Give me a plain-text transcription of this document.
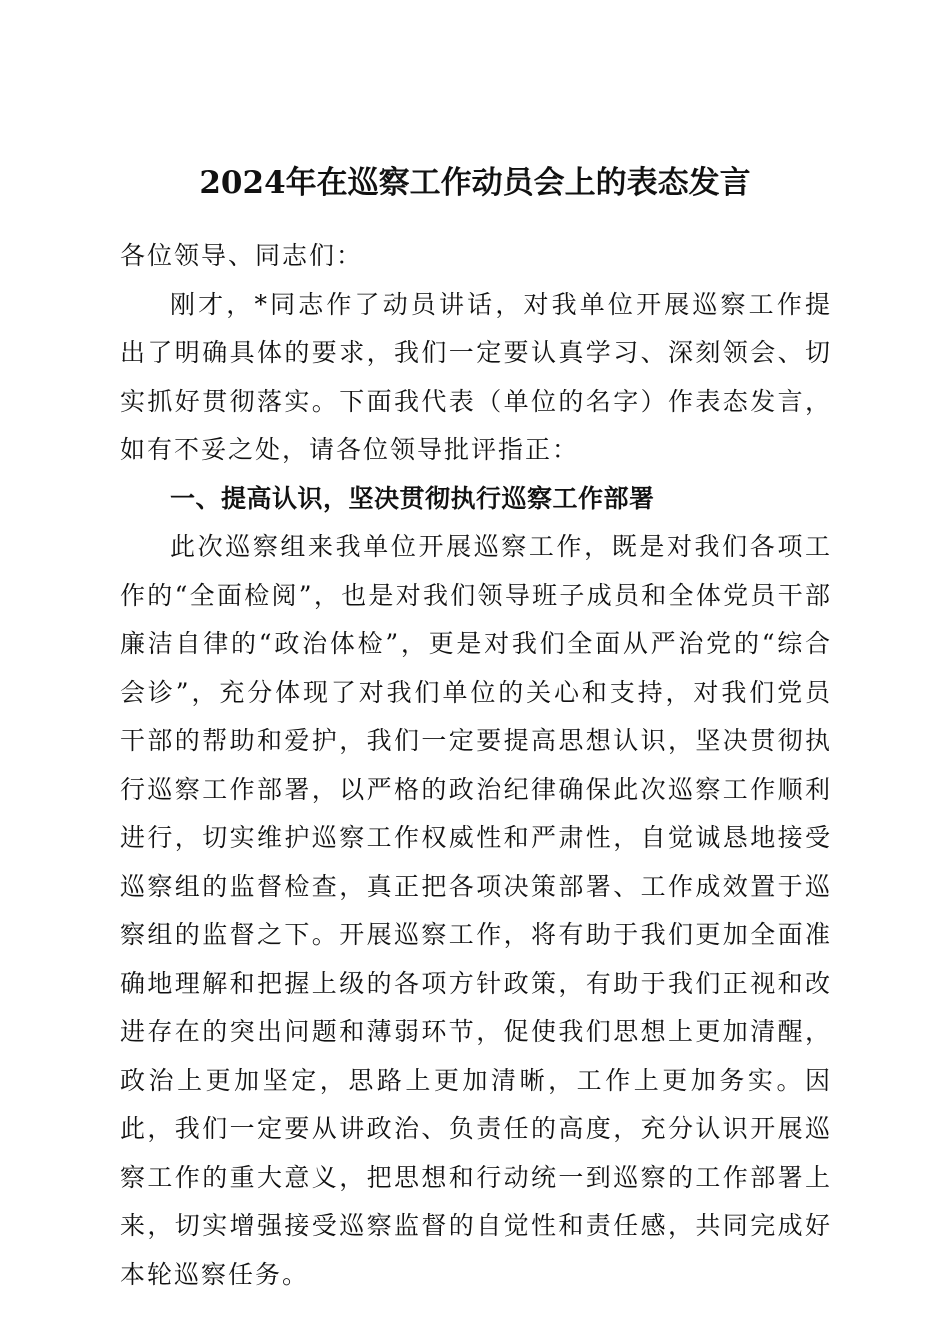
2024年在巡察工作动员会上的表态发言

各位领导、同志们：

刚才，*同志作了动员讲话，对我单位开展巡察工作提出了明确具体的要求，我们一定要认真学习、深刻领会、切实抓好贯彻落实。下面我代表（单位的名字）作表态发言，如有不妥之处，请各位领导批评指正：

一、提高认识，坚决贯彻执行巡察工作部署

此次巡察组来我单位开展巡察工作，既是对我们各项工作的“全面检阅”，也是对我们领导班子成员和全体党员干部廉洁自律的“政治体检”，更是对我们全面从严治党的“综合会诊”，充分体现了对我们单位的关心和支持，对我们党员干部的帮助和爱护，我们一定要提高思想认识，坚决贯彻执行巡察工作部署，以严格的政治纪律确保此次巡察工作顺利进行，切实维护巡察工作权威性和严肃性，自觉诚恳地接受巡察组的监督检查，真正把各项决策部署、工作成效置于巡察组的监督之下。开展巡察工作，将有助于我们更加全面准确地理解和把握上级的各项方针政策，有助于我们正视和改进存在的突出问题和薄弱环节，促使我们思想上更加清醒，政治上更加坚定，思路上更加清晰，工作上更加务实。因此，我们一定要从讲政治、负责任的高度，充分认识开展巡察工作的重大意义，把思想和行动统一到巡察的工作部署上来，切实增强接受巡察监督的自觉性和责任感，共同完成好本轮巡察任务。
